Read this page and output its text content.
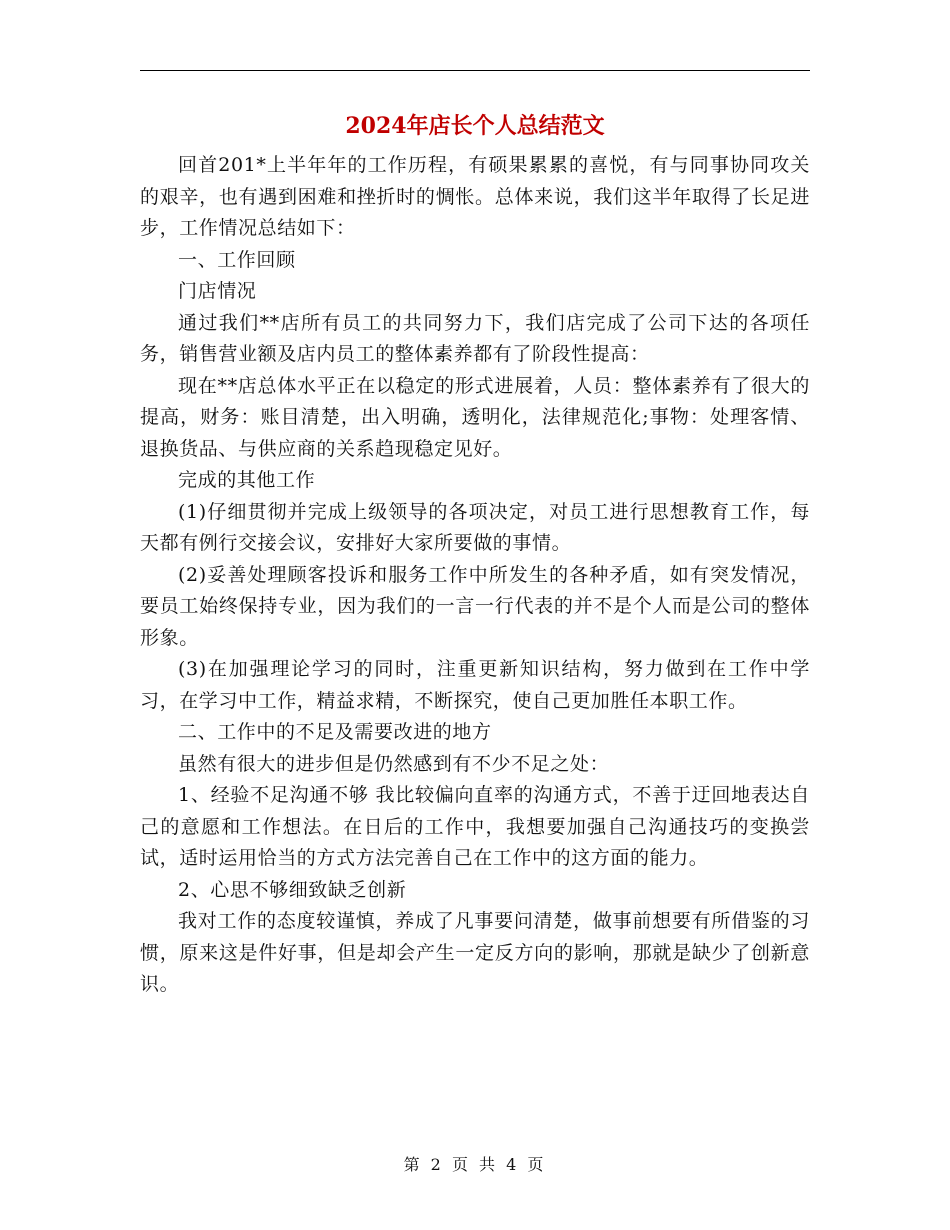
2024年店长个人总结范文

回首201*上半年年的工作历程，有硕果累累的喜悦，有与同事协同攻关的艰辛，也有遇到困难和挫折时的惆怅。总体来说，我们这半年取得了长足进步，工作情况总结如下：

一、工作回顾

门店情况

通过我们**店所有员工的共同努力下，我们店完成了公司下达的各项任务，销售营业额及店内员工的整体素养都有了阶段性提高：

现在**店总体水平正在以稳定的形式进展着，人员：整体素养有了很大的提高，财务：账目清楚，出入明确，透明化，法律规范化;事物：处理客情、退换货品、与供应商的关系趋现稳定见好。

完成的其他工作

(1)仔细贯彻并完成上级领导的各项决定，对员工进行思想教育工作，每天都有例行交接会议，安排好大家所要做的事情。

(2)妥善处理顾客投诉和服务工作中所发生的各种矛盾，如有突发情况，要员工始终保持专业，因为我们的一言一行代表的并不是个人而是公司的整体形象。

(3)在加强理论学习的同时，注重更新知识结构，努力做到在工作中学习，在学习中工作，精益求精，不断探究，使自己更加胜任本职工作。

二、工作中的不足及需要改进的地方

虽然有很大的进步但是仍然感到有不少不足之处：

1、经验不足沟通不够 我比较偏向直率的沟通方式，不善于迂回地表达自己的意愿和工作想法。在日后的工作中，我想要加强自己沟通技巧的变换尝试，适时运用恰当的方式方法完善自己在工作中的这方面的能力。

2、心思不够细致缺乏创新

我对工作的态度较谨慎，养成了凡事要问清楚，做事前想要有所借鉴的习惯，原来这是件好事，但是却会产生一定反方向的影响，那就是缺少了创新意识。

第 2 页 共 4 页
